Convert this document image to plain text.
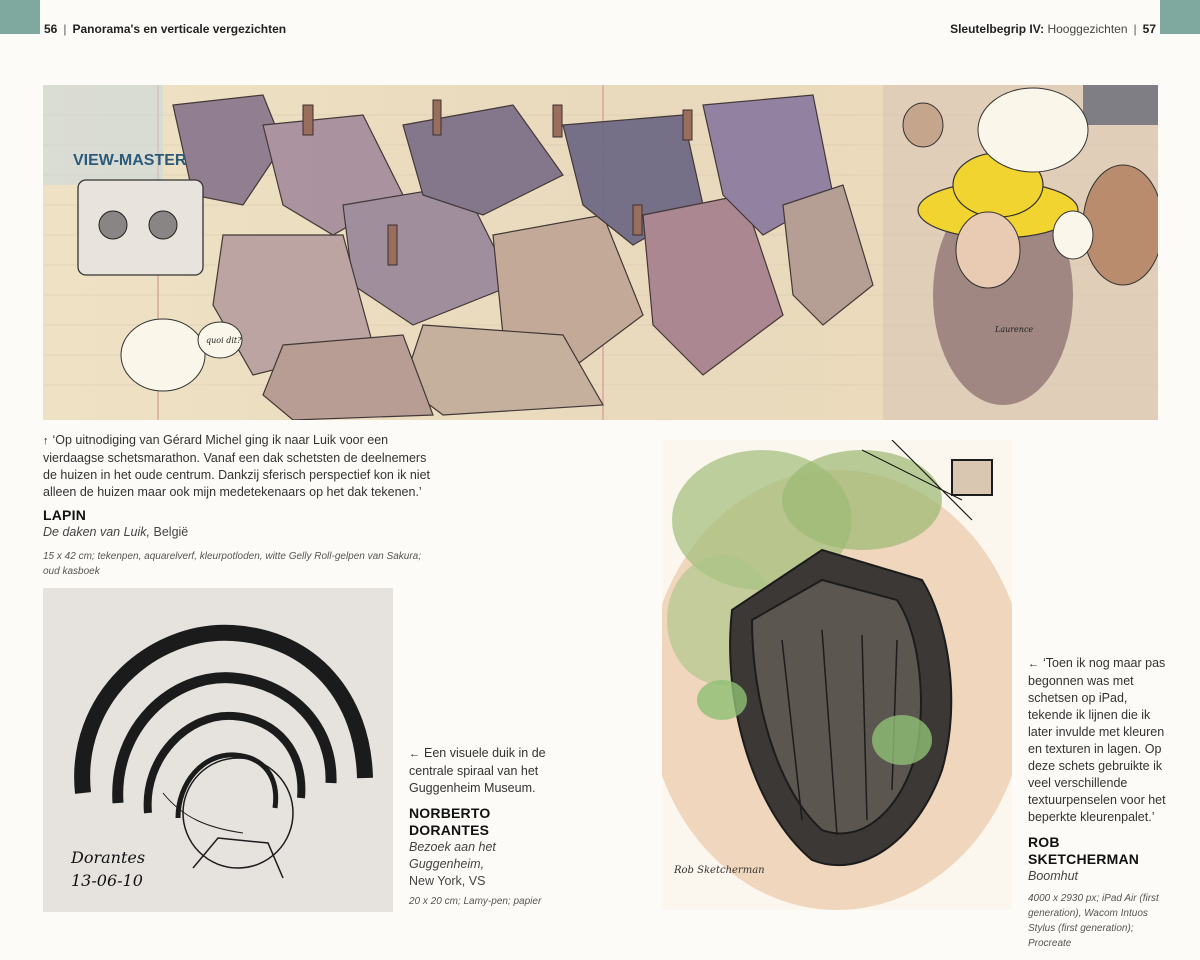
56 | Panorama's en verticale vergezichten	Sleutelbegrip IV: Hooggezichten | 57
VIEW-MASTER
quoi dit?
Laurence
↑ ‘Op uitnodiging van Gérard Michel ging ik naar Luik voor een vierdaagse schetsmarathon. Vanaf een dak schetsten de deelnemers de huizen in het oude centrum. Dankzij sferisch perspectief kon ik niet alleen de huizen maar ook mijn medetekenaars op het dak tekenen.’
LAPIN
De daken van Luik, België
15 x 42 cm; tekenpen, aquarelverf, kleurpotloden, witte Gelly Roll-gelpen van Sakura; oud kasboek
Dorantes
13-06-10
← Een visuele duik in de centrale spiraal van het Guggenheim Museum.
NORBERTO
DORANTES
Bezoek aan het Guggenheim,
New York, VS
20 x 20 cm; Lamy-pen; papier
Rob Sketcherman
← ‘Toen ik nog maar pas begonnen was met schetsen op iPad, tekende ik lijnen die ik later invulde met kleuren en texturen in lagen. Op deze schets gebruikte ik veel verschillende textuurpenselen voor het beperkte kleurenpalet.’
ROB SKETCHERMAN
Boomhut
4000 x 2930 px; iPad Air (first generation), Wacom Intuos Stylus (first generation); Procreate
